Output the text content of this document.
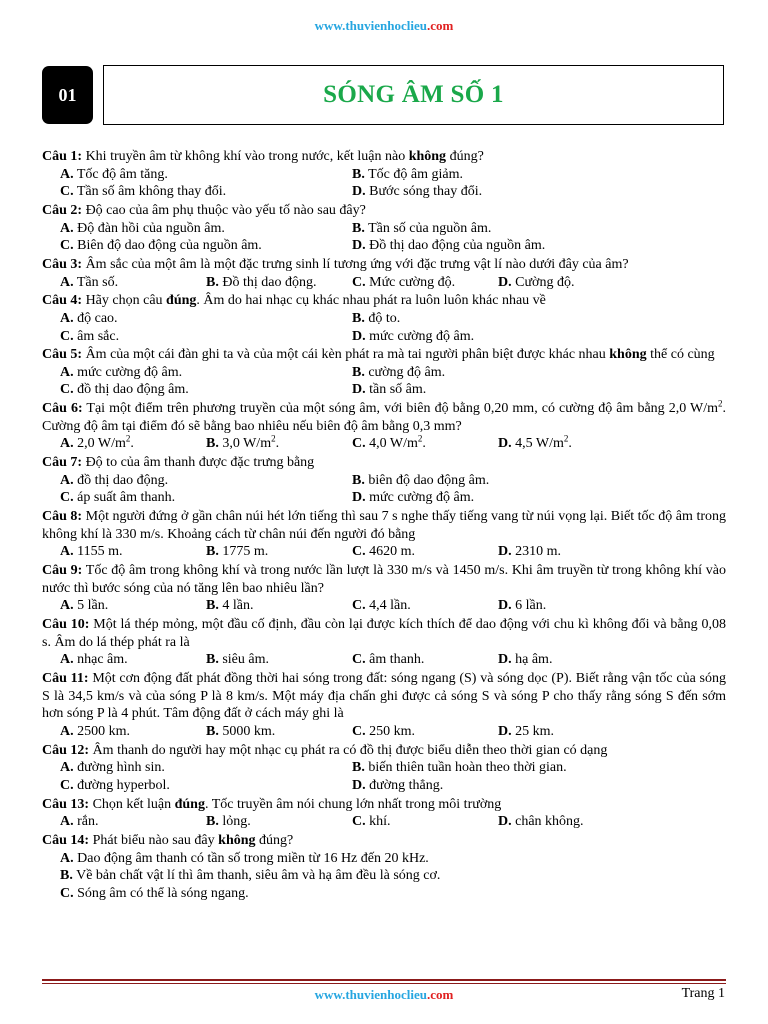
www.thuvienhoclieu.com
01	SÓNG ÂM SỐ 1
Câu 1: Khi truyền âm từ không khí vào trong nước, kết luận nào không đúng?
A. Tốc độ âm tăng.	B. Tốc độ âm giảm.
C. Tần số âm không thay đổi.	D. Bước sóng thay đổi.
Câu 2: Độ cao của âm phụ thuộc vào yếu tố nào sau đây?
A. Độ đàn hồi của nguồn âm.	B. Tần số của nguồn âm.
C. Biên độ dao động của nguồn âm.	D. Đồ thị dao động của nguồn âm.
Câu 3: Âm sắc của một âm là một đặc trưng sinh lí tương ứng với đặc trưng vật lí nào dưới đây của âm?
A. Tần số.	B. Đồ thị dao động.	C. Mức cường độ.	D. Cường độ.
Câu 4: Hãy chọn câu đúng. Âm do hai nhạc cụ khác nhau phát ra luôn luôn khác nhau về
A. độ cao.	B. độ to.
C. âm sắc.	D. mức cường độ âm.
Câu 5: Âm của một cái đàn ghi ta và của một cái kèn phát ra mà tai người phân biệt được khác nhau không thể có cùng
A. mức cường độ âm.	B. cường độ âm.
C. đồ thị dao động âm.	D. tần số âm.
Câu 6: Tại một điểm trên phương truyền của một sóng âm, với biên độ bằng 0,20 mm, có cường độ âm bằng 2,0 $W/m^2$. Cường độ âm tại điểm đó sẽ bằng bao nhiêu nếu biên độ âm bằng 0,3 mm?
A. 2,0 $W/m^2$.	B. 3,0 $W/m^2$.	C. 4,0 $W/m^2$.	D. 4,5 $W/m^2$.
Câu 7: Độ to của âm thanh được đặc trưng bằng
A. đồ thị dao động.	B. biên độ dao động âm.
C. áp suất âm thanh.	D. mức cường độ âm.
Câu 8: Một người đứng ở gần chân núi hét lớn tiếng thì sau 7 s nghe thấy tiếng vang từ núi vọng lại. Biết tốc độ âm trong không khí là 330 m/s. Khoảng cách từ chân núi đến người đó bằng
A. 1155 m.	B. 1775 m.	C. 4620 m.	D. 2310 m.
Câu 9: Tốc độ âm trong không khí và trong nước lần lượt là 330 m/s và 1450 m/s. Khi âm truyền từ trong không khí vào nước thì bước sóng của nó tăng lên bao nhiêu lần?
A. 5 lần.	B. 4 lần.	C. 4,4 lần.	D. 6 lần.
Câu 10: Một lá thép mỏng, một đầu cố định, đầu còn lại được kích thích để dao động với chu kì không đổi và bằng 0,08 s. Âm do lá thép phát ra là
A. nhạc âm.	B. siêu âm.	C. âm thanh.	D. hạ âm.
Câu 11: Một cơn động đất phát đồng thời hai sóng trong đất: sóng ngang (S) và sóng dọc (P). Biết rằng vận tốc của sóng S là 34,5 km/s và của sóng P là 8 km/s. Một máy địa chấn ghi được cả sóng S và sóng P cho thấy rằng sóng S đến sớm hơn sóng P là 4 phút. Tâm động đất ở cách máy ghi là
A. 2500 km.	B. 5000 km.	C. 250 km.	D. 25 km.
Câu 12: Âm thanh do người hay một nhạc cụ phát ra có đồ thị được biểu diễn theo thời gian có dạng
A. đường hình sin.	B. biến thiên tuần hoàn theo thời gian.
C. đường hyperbol.	D. đường thẳng.
Câu 13: Chọn kết luận đúng. Tốc truyền âm nói chung lớn nhất trong môi trường
A. rắn.	B. lỏng.	C. khí.	D. chân không.
Câu 14: Phát biểu nào sau đây không đúng?
A. Dao động âm thanh có tần số trong miền từ 16 Hz đến 20 kHz.
B. Về bản chất vật lí thì âm thanh, siêu âm và hạ âm đều là sóng cơ.
C. Sóng âm có thể là sóng ngang.
www.thuvienhoclieu.com	Trang 1
